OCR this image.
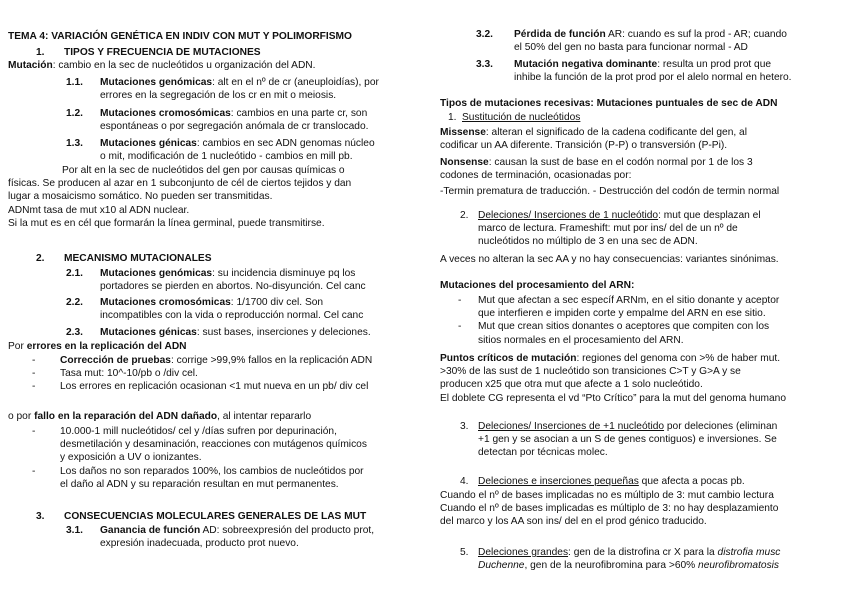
TEMA 4: VARIACIÓN GENÉTICA EN INDIV CON MUT Y POLIMORFISMO
1. TIPOS Y FRECUENCIA DE MUTACIONES
Mutación: cambio en la sec de nucleótidos u organización del ADN.
1.1. Mutaciones genómicas: alt en el nº de cr (aneuploidías), por
errores en la segregación de los cr en mit o meiosis.
1.2. Mutaciones cromosómicas: cambios en una parte cr, son
espontáneas o por segregación anómala de cr translocado.
1.3. Mutaciones génicas: cambios en sec ADN genomas núcleo
o mit, modificación de 1 nucleótido - cambios en mill pb.
Por alt en la sec de nucleótidos del gen por causas químicas o
físicas. Se producen al azar en 1 subconjunto de cél de ciertos tejidos y dan
lugar a mosaicismo somático. No pueden ser transmitidas.
ADNmt tasa de mut x10 al ADN nuclear.
Si la mut es en cél que formarán la línea germinal, puede transmitirse.
2. MECANISMO MUTACIONALES
2.1. Mutaciones genómicas: su incidencia disminuye pq los
portadores se pierden en abortos. No-disyunción. Cel canc
2.2. Mutaciones cromosómicas: 1/1700 div cel. Son
incompatibles con la vida o reproducción normal. Cel canc
2.3. Mutaciones génicas: sust bases, inserciones y deleciones.
Por errores en la replicación del ADN
- Corrección de pruebas: corrige >99,9% fallos en la replicación ADN
- Tasa mut: 10^-10/pb o /div cel.
- Los errores en replicación ocasionan <1 mut nueva en un pb/ div cel
o por fallo en la reparación del ADN dañado, al intentar repararlo
- 10.000-1 mill nucleótidos/ cel y /días sufren por depurinación,
desmetilación y desaminación, reacciones con mutágenos químicos
y exposición a UV o ionizantes.
- Los daños no son reparados 100%, los cambios de nucleótidos por
el daño al ADN y su reparación resultan en mut permanentes.
3. CONSECUENCIAS MOLECULARES GENERALES DE LAS MUT
3.1. Ganancia de función AD: sobreexpresión del producto prot,
expresión inadecuada, producto prot nuevo.
3.2. Pérdida de función AR: cuando es suf la prod - AR; cuando
el 50% del gen no basta para funcionar normal - AD
3.3. Mutación negativa dominante: resulta un prod prot que
inhibe la función de la prot prod por el alelo normal en hetero.
Tipos de mutaciones recesivas: Mutaciones puntuales de sec de ADN
1. Sustitución de nucleótidos
Missense: alteran el significado de la cadena codificante del gen, al
codificar un AA diferente. Transición (P-P) o transversión (P-Pi).
Nonsense: causan la sust de base en el codón normal por 1 de los 3
codones de terminación, ocasionadas por:
-Termin prematura de traducción. - Destrucción del codón de termin normal
2. Deleciones/ Inserciones de 1 nucleótido: mut que desplazan el
marco de lectura. Frameshift: mut por ins/ del de un nº de
nucleótidos no múltiplo de 3 en una sec de ADN.
A veces no alteran la sec AA y no hay consecuencias: variantes sinónimas.
Mutaciones del procesamiento del ARN:
- Mut que afectan a sec específ ARNm, en el sitio donante y aceptor
que interfieren e impiden corte y empalme del ARN en ese sitio.
- Mut que crean sitios donantes o aceptores que compiten con los
sitios normales en el procesamiento del ARN.
Puntos críticos de mutación: regiones del genoma con >% de haber mut.
>30% de las sust de 1 nucleótido son transiciones C>T y G>A y se
producen x25 que otra mut que afecte a 1 solo nucleótido.
El doblete CG representa el vd “Pto Crítico” para la mut del genoma humano
3. Deleciones/ Inserciones de +1 nucleótido por deleciones (eliminan
+1 gen y se asocian a un S de genes contiguos) e inversiones. Se
detectan por técnicas molec.
4. Deleciones e inserciones pequeñas que afecta a pocas pb.
Cuando el nº de bases implicadas no es múltiplo de 3: mut cambio lectura
Cuando el nº de bases implicadas es múltiplo de 3: no hay desplazamiento
del marco y los AA son ins/ del en el prod génico traducido.
5. Deleciones grandes: gen de la distrofina cr X para la distrofia musc
Duchenne, gen de la neurofibromina para >60% neurofibromatosis
